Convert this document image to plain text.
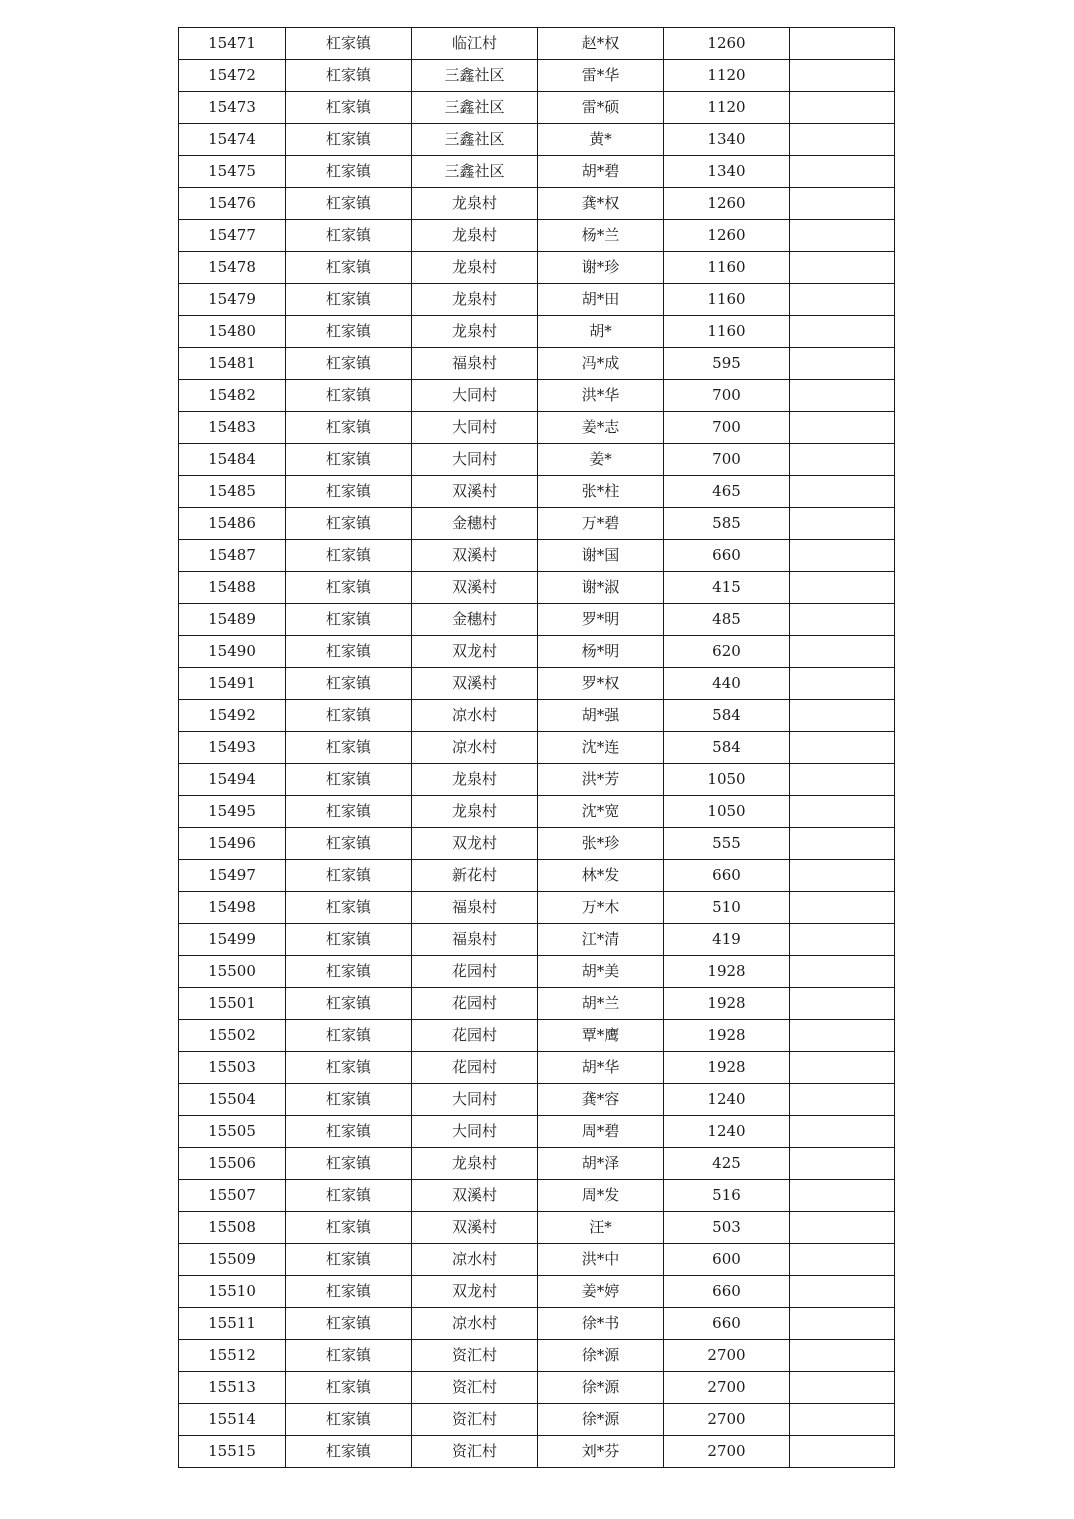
15471	杠家镇	临江村	赵*权	1260	
15472	杠家镇	三鑫社区	雷*华	1120	
15473	杠家镇	三鑫社区	雷*硕	1120	
15474	杠家镇	三鑫社区	黄*	1340	
15475	杠家镇	三鑫社区	胡*碧	1340	
15476	杠家镇	龙泉村	龚*权	1260	
15477	杠家镇	龙泉村	杨*兰	1260	
15478	杠家镇	龙泉村	谢*珍	1160	
15479	杠家镇	龙泉村	胡*田	1160	
15480	杠家镇	龙泉村	胡*	1160	
15481	杠家镇	福泉村	冯*成	595	
15482	杠家镇	大同村	洪*华	700	
15483	杠家镇	大同村	姜*志	700	
15484	杠家镇	大同村	姜*	700	
15485	杠家镇	双溪村	张*柱	465	
15486	杠家镇	金穗村	万*碧	585	
15487	杠家镇	双溪村	谢*国	660	
15488	杠家镇	双溪村	谢*淑	415	
15489	杠家镇	金穗村	罗*明	485	
15490	杠家镇	双龙村	杨*明	620	
15491	杠家镇	双溪村	罗*权	440	
15492	杠家镇	凉水村	胡*强	584	
15493	杠家镇	凉水村	沈*连	584	
15494	杠家镇	龙泉村	洪*芳	1050	
15495	杠家镇	龙泉村	沈*宽	1050	
15496	杠家镇	双龙村	张*珍	555	
15497	杠家镇	新花村	林*发	660	
15498	杠家镇	福泉村	万*木	510	
15499	杠家镇	福泉村	江*清	419	
15500	杠家镇	花园村	胡*美	1928	
15501	杠家镇	花园村	胡*兰	1928	
15502	杠家镇	花园村	覃*鹰	1928	
15503	杠家镇	花园村	胡*华	1928	
15504	杠家镇	大同村	龚*容	1240	
15505	杠家镇	大同村	周*碧	1240	
15506	杠家镇	龙泉村	胡*泽	425	
15507	杠家镇	双溪村	周*发	516	
15508	杠家镇	双溪村	汪*	503	
15509	杠家镇	凉水村	洪*中	600	
15510	杠家镇	双龙村	姜*婷	660	
15511	杠家镇	凉水村	徐*书	660	
15512	杠家镇	资汇村	徐*源	2700	
15513	杠家镇	资汇村	徐*源	2700	
15514	杠家镇	资汇村	徐*源	2700	
15515	杠家镇	资汇村	刘*芬	2700	
